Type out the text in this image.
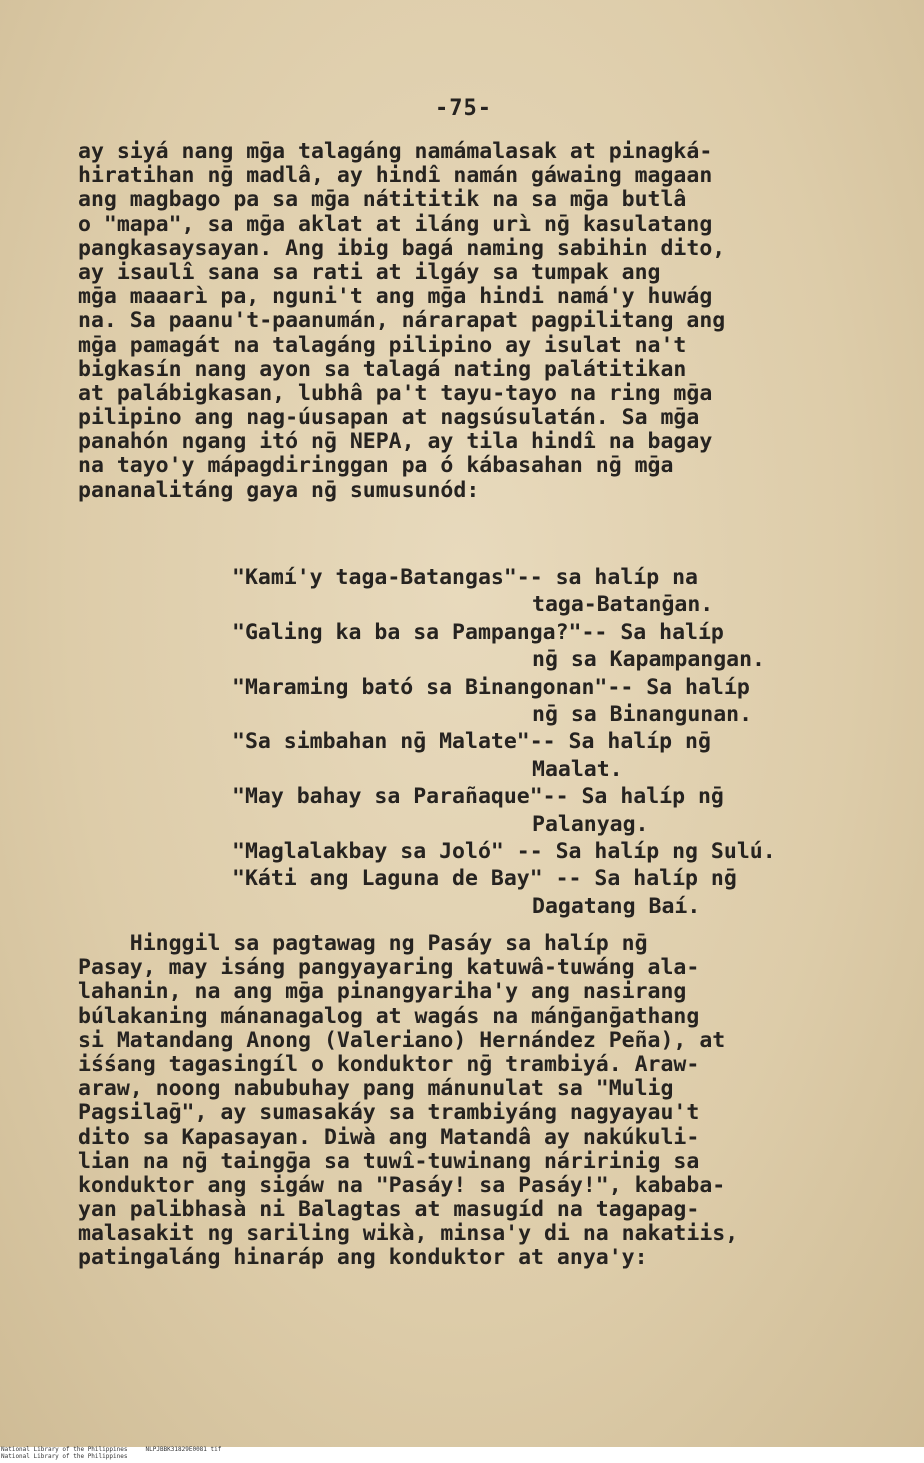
-75-
ay siyá nang mḡa talagáng namámalasak at pinagká-
hiratihan nḡ madlâ, ay hindî namán gáwaing magaan
ang magbago pa sa mḡa nátititik na sa mḡa butlâ
o "mapa", sa mḡa aklat at iláng urì nḡ kasulatang
pangkasaysayan. Ang ibig bagá naming sabihin dito,
ay isaulî sana sa rati at ilgáy sa tumpak ang
mḡa maaarì pa, nguni't ang mḡa hindi namá'y huwág
na. Sa paanu't-paanumán, nárarapat pagpilitang ang
mḡa pamagát na talagáng pilipino ay isulat na't
bigkasín nang ayon sa talagá nating palátitikan
at palábigkasan, lubhâ pa't tayu-tayo na ring mḡa
pilipino ang nag-úusapan at nagsúsulatán. Sa mḡa
panahón ngang itó nḡ NEPA, ay tila hindî na bagay
na tayo'y mápagdiringgan pa ó kábasahan nḡ mḡa
pananalitáng gaya nḡ sumusunód:
"Kamí'y taga-Batangas"-- sa halíp na
taga-Batanḡan.
"Galing ka ba sa Pampanga?"-- Sa halíp
nḡ sa Kapampangan.
"Maraming bató sa Binangonan"-- Sa halíp
nḡ sa Binangunan.
"Sa simbahan nḡ Malate"-- Sa halíp nḡ
Maalat.
"May bahay sa Parañaque"-- Sa halíp nḡ
Palanyag.
"Maglalakbay sa Joló" -- Sa halíp ng Sulú.
"Káti ang Laguna de Bay" -- Sa halíp nḡ
Dagatang Baí.
Hinggil sa pagtawag ng Pasáy sa halíp nḡ
Pasay, may isáng pangyayaring katuwâ-tuwáng ala-
lahanin, na ang mḡa pinangyariha'y ang nasirang
búlakaning mánanagalog at wagás na mánḡanḡathang
si Matandang Anong (Valeriano) Hernández Peña), at
iśśang tagasingíl o konduktor nḡ trambiyá. Araw-
araw, noong nabubuhay pang mánunulat sa "Mulig
Pagsilaḡ", ay sumasakáy sa trambiyáng nagyayau't
dito sa Kapasayan. Diwà ang Matandâ ay nakúkuli-
lian na nḡ taingḡa sa tuwî-tuwinang náririnig sa
konduktor ang sigáw na "Pasáy! sa Pasáy!", kababa-
yan palibhasà ni Balagtas at masugíd na tagapag-
malasakit ng sariling wikà, minsa'y di na nakatiis,
patingaláng hinaráp ang konduktor at anya'y:
National Library of the Philippines     NLPJBBK31829E0081 tif
National Library of the Philippines
